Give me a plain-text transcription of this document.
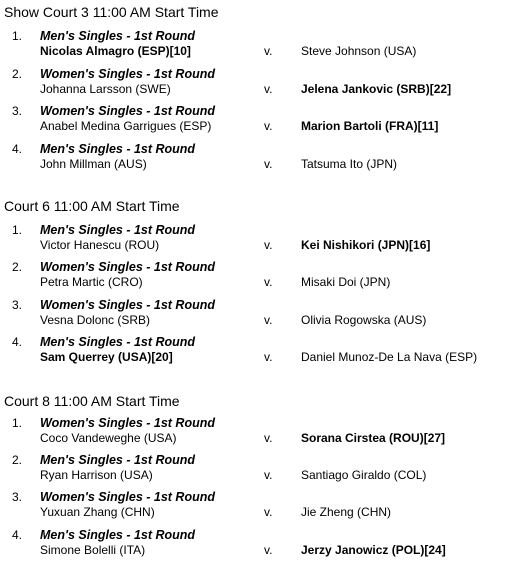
Show Court 3 11:00 AM Start Time
1. Men's Singles - 1st Round
Nicolas Almagro (ESP)[10]	v. Steve Johnson (USA)
2. Women's Singles - 1st Round
Johanna Larsson (SWE)	v. Jelena Jankovic (SRB)[22]
3. Women's Singles - 1st Round
Anabel Medina Garrigues (ESP)	v. Marion Bartoli (FRA)[11]
4. Men's Singles - 1st Round
John Millman (AUS)	v. Tatsuma Ito (JPN)
Court 6 11:00 AM Start Time
1. Men's Singles - 1st Round
Victor Hanescu (ROU)	v. Kei Nishikori (JPN)[16]
2. Women's Singles - 1st Round
Petra Martic (CRO)	v. Misaki Doi (JPN)
3. Women's Singles - 1st Round
Vesna Dolonc (SRB)	v. Olivia Rogowska (AUS)
4. Men's Singles - 1st Round
Sam Querrey (USA)[20]	v. Daniel Munoz-De La Nava (ESP)
Court 8 11:00 AM Start Time
1. Women's Singles - 1st Round
Coco Vandeweghe (USA)	v. Sorana Cirstea (ROU)[27]
2. Men's Singles - 1st Round
Ryan Harrison (USA)	v. Santiago Giraldo (COL)
3. Women's Singles - 1st Round
Yuxuan Zhang (CHN)	v. Jie Zheng (CHN)
4. Men's Singles - 1st Round
Simone Bolelli (ITA)	v. Jerzy Janowicz (POL)[24]
